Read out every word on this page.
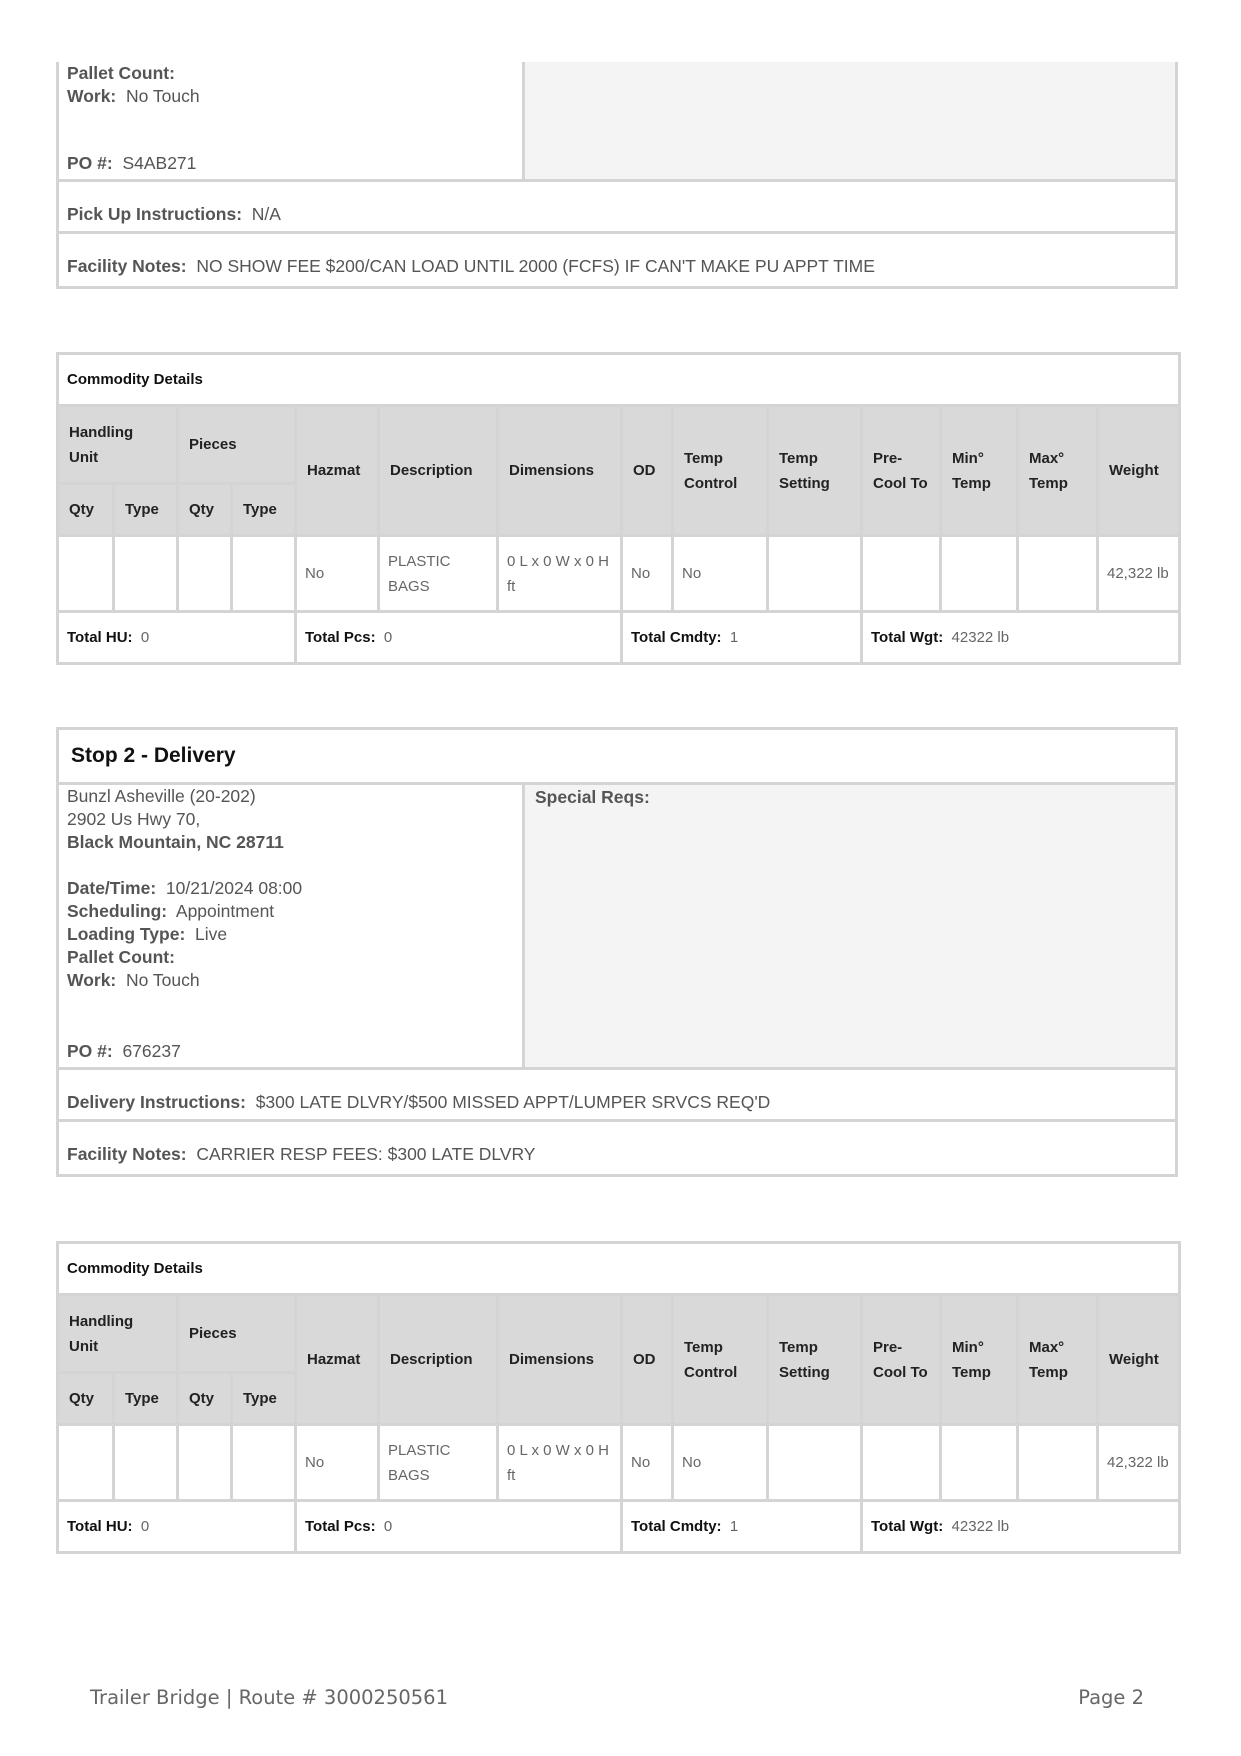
Pallet Count:
Work: No Touch
PO #: S4AB271
Pick Up Instructions: N/A
Facility Notes: NO SHOW FEE $200/CAN LOAD UNTIL 2000 (FCFS) IF CAN'T MAKE PU APPT TIME
Commodity Details													
Handling Unit		Pieces		Hazmat	Description	Dimensions	OD	Temp Control	Temp Setting	Pre-Cool To	Min° Temp	Max° Temp	Weight
Qty	Type	Qty	Type										
				No	PLASTIC BAGS	0 L x 0 W x 0 H ft	No	No					42,322 lb
Total HU: 0				Total Pcs: 0			Total Cmdty: 1			Total Wgt: 42322 lb			
Stop 2 - Delivery
Bunzl Asheville (20-202)
2902 Us Hwy 70,
Black Mountain, NC 28711
Date/Time: 10/21/2024 08:00
Scheduling: Appointment
Loading Type: Live
Pallet Count:
Work: No Touch
PO #: 676237
Special Reqs:
Delivery Instructions: $300 LATE DLVRY/$500 MISSED APPT/LUMPER SRVCS REQ'D
Facility Notes: CARRIER RESP FEES: $300 LATE DLVRY
Commodity Details													
Handling Unit		Pieces		Hazmat	Description	Dimensions	OD	Temp Control	Temp Setting	Pre-Cool To	Min° Temp	Max° Temp	Weight
Qty	Type	Qty	Type										
				No	PLASTIC BAGS	0 L x 0 W x 0 H ft	No	No					42,322 lb
Total HU: 0				Total Pcs: 0			Total Cmdty: 1			Total Wgt: 42322 lb			
Trailer Bridge | Route # 3000250561	Page 2
